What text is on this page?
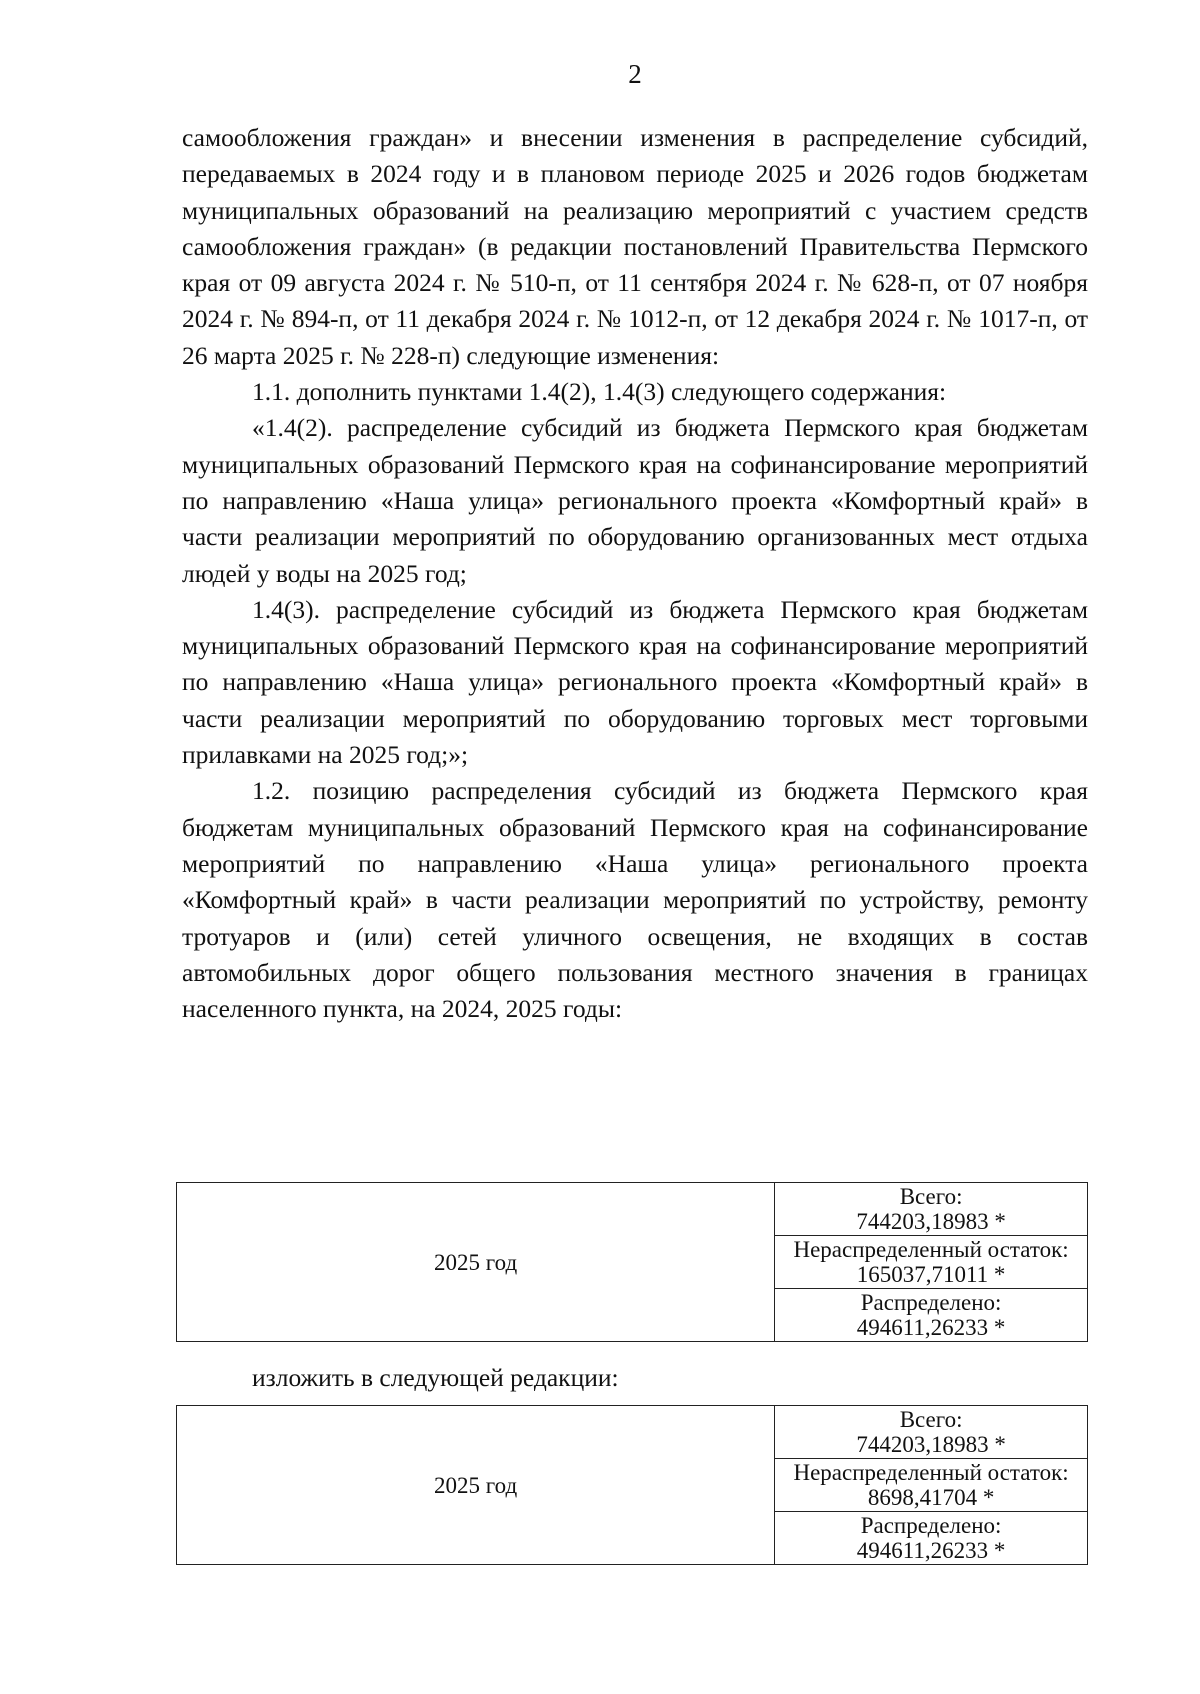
2

самообложения граждан» и внесении изменения в распределение субсидий, передаваемых в 2024 году и в плановом периоде 2025 и 2026 годов бюджетам муниципальных образований на реализацию мероприятий с участием средств самообложения граждан» (в редакции постановлений Правительства Пермского края от 09 августа 2024 г. № 510-п, от 11 сентября 2024 г. № 628-п, от 07 ноября 2024 г. № 894-п, от 11 декабря 2024 г. № 1012-п, от 12 декабря 2024 г. № 1017-п, от 26 марта 2025 г. № 228-п) следующие изменения:

1.1. дополнить пунктами 1.4(2), 1.4(3) следующего содержания:

«1.4(2). распределение субсидий из бюджета Пермского края бюджетам муниципальных образований Пермского края на софинансирование мероприятий по направлению «Наша улица» регионального проекта «Комфортный край» в части реализации мероприятий по оборудованию организованных мест отдыха людей у воды на 2025 год;

1.4(3). распределение субсидий из бюджета Пермского края бюджетам муниципальных образований Пермского края на софинансирование мероприятий по направлению «Наша улица» регионального проекта «Комфортный край» в части реализации мероприятий по оборудованию торговых мест торговыми прилавками на 2025 год;»;

1.2. позицию распределения субсидий из бюджета Пермского края бюджетам муниципальных образований Пермского края на софинансирование мероприятий по направлению «Наша улица» регионального проекта «Комфортный край» в части реализации мероприятий по устройству, ремонту тротуаров и (или) сетей уличного освещения, не входящих в состав автомобильных дорог общего пользования местного значения в границах населенного пункта, на 2024, 2025 годы:

2025 год	
Всего:
744203,18983 *

Нераспределенный остаток:
165037,71011 *

Распределено:
494611,26233 *

изложить в следующей редакции:

2025 год	
Всего:
744203,18983 *

Нераспределенный остаток:
8698,41704 *

Распределено:
494611,26233 *
